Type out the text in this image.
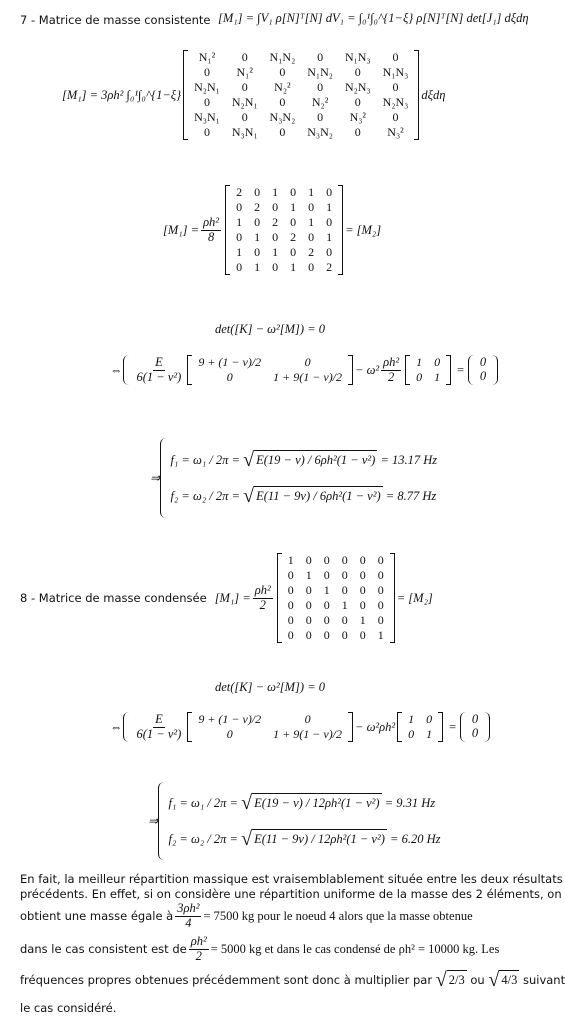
7 - Matrice de masse consistente [M₁] = ∫V₁ ρ[N]ᵀ[N] dV₁ = ∫₀¹∫₀^{1−ξ} ρ[N]ᵀ[N] det[J₁] dξdη
[M₁] = 3ρh² ∫₀¹∫₀^{1−ξ}
N₁²	0	N₁N₂	0	N₁N₃	0
0	N₁²	0	N₁N₂	0	N₁N₃
N₂N₁	0	N₂²	0	N₂N₃	0
0	N₂N₁	0	N₂²	0	N₂N₃
N₃N₁	0	N₃N₂	0	N₃²	0
0	N₃N₁	0	N₃N₂	0	N₃²
dξdη
$[M_1] = \frac{\text{ρh²}}{8}$
2	0	1	0	1	0
0	2	0	1	0	1
1	0	2	0	1	0
0	1	0	2	0	1
1	0	1	0	2	0
0	1	0	1	0	2
= [M₂]
det([K] − ω²[M]) = 0
⇔ $\frac{E}{\text{6(1 − ν²)}} 9 + (1 - \nu)/2$	0
0	1 + 9(1 − ν)/2
− $\omega^2 \frac{\text{ρh²}}{2} 1$	0
0	1
=
0
0
⇒
f₁ =
ω₁ / 2π = √ E(19 − ν) / 6ρh²(1 − ν²)
= 13.17 Hz
f₂ =
ω₂ / 2π = √ E(11 − 9ν) / 6ρh²(1 − ν²)
= 8.77 Hz
8 - Matrice de masse condensée $[M_1] = \frac{\text{ρh²}}{2}$
1	0	0	0	0	0
0	1	0	0	0	0
0	0	1	0	0	0
0	0	0	1	0	0
0	0	0	0	1	0
0	0	0	0	0	1
= [M₂]
det([K] − ω²[M]) = 0
⇔ $\frac{E}{\text{6(1 − ν²)}} 9 + (1 - \nu)/2$	0
0	1 + 9(1 − ν)/2
− ω²ρh²
1	0
0	1
=
0
0
⇒
f₁ =
ω₁ / 2π = √ E(19 − ν) / 12ρh²(1 − ν²)
= 9.31 Hz
f₂ =
ω₂ / 2π = √ E(11 − 9ν) / 12ρh²(1 − ν²)
= 6.20 Hz
En fait, la meilleur répartition massique est vraisemblablement située entre les deux résultats
précédents. En effet, si on considère une répartition uniforme de la masse des 2 éléments, on
obtient une masse égale à $\frac{\text{3ρh²}}{4} = 7500$ kg pour le noeud 4 alors que la masse obtenue
dans le cas consistent est de $\frac{\text{ρh²}}{2} = 5000$ kg et dans le cas condensé de ρh² = 10000 kg. Les
fréquences propres obtenues précédemment sont donc à multiplier par
√ 2/3
ou
√ 4/3
suivant
le cas considéré.
